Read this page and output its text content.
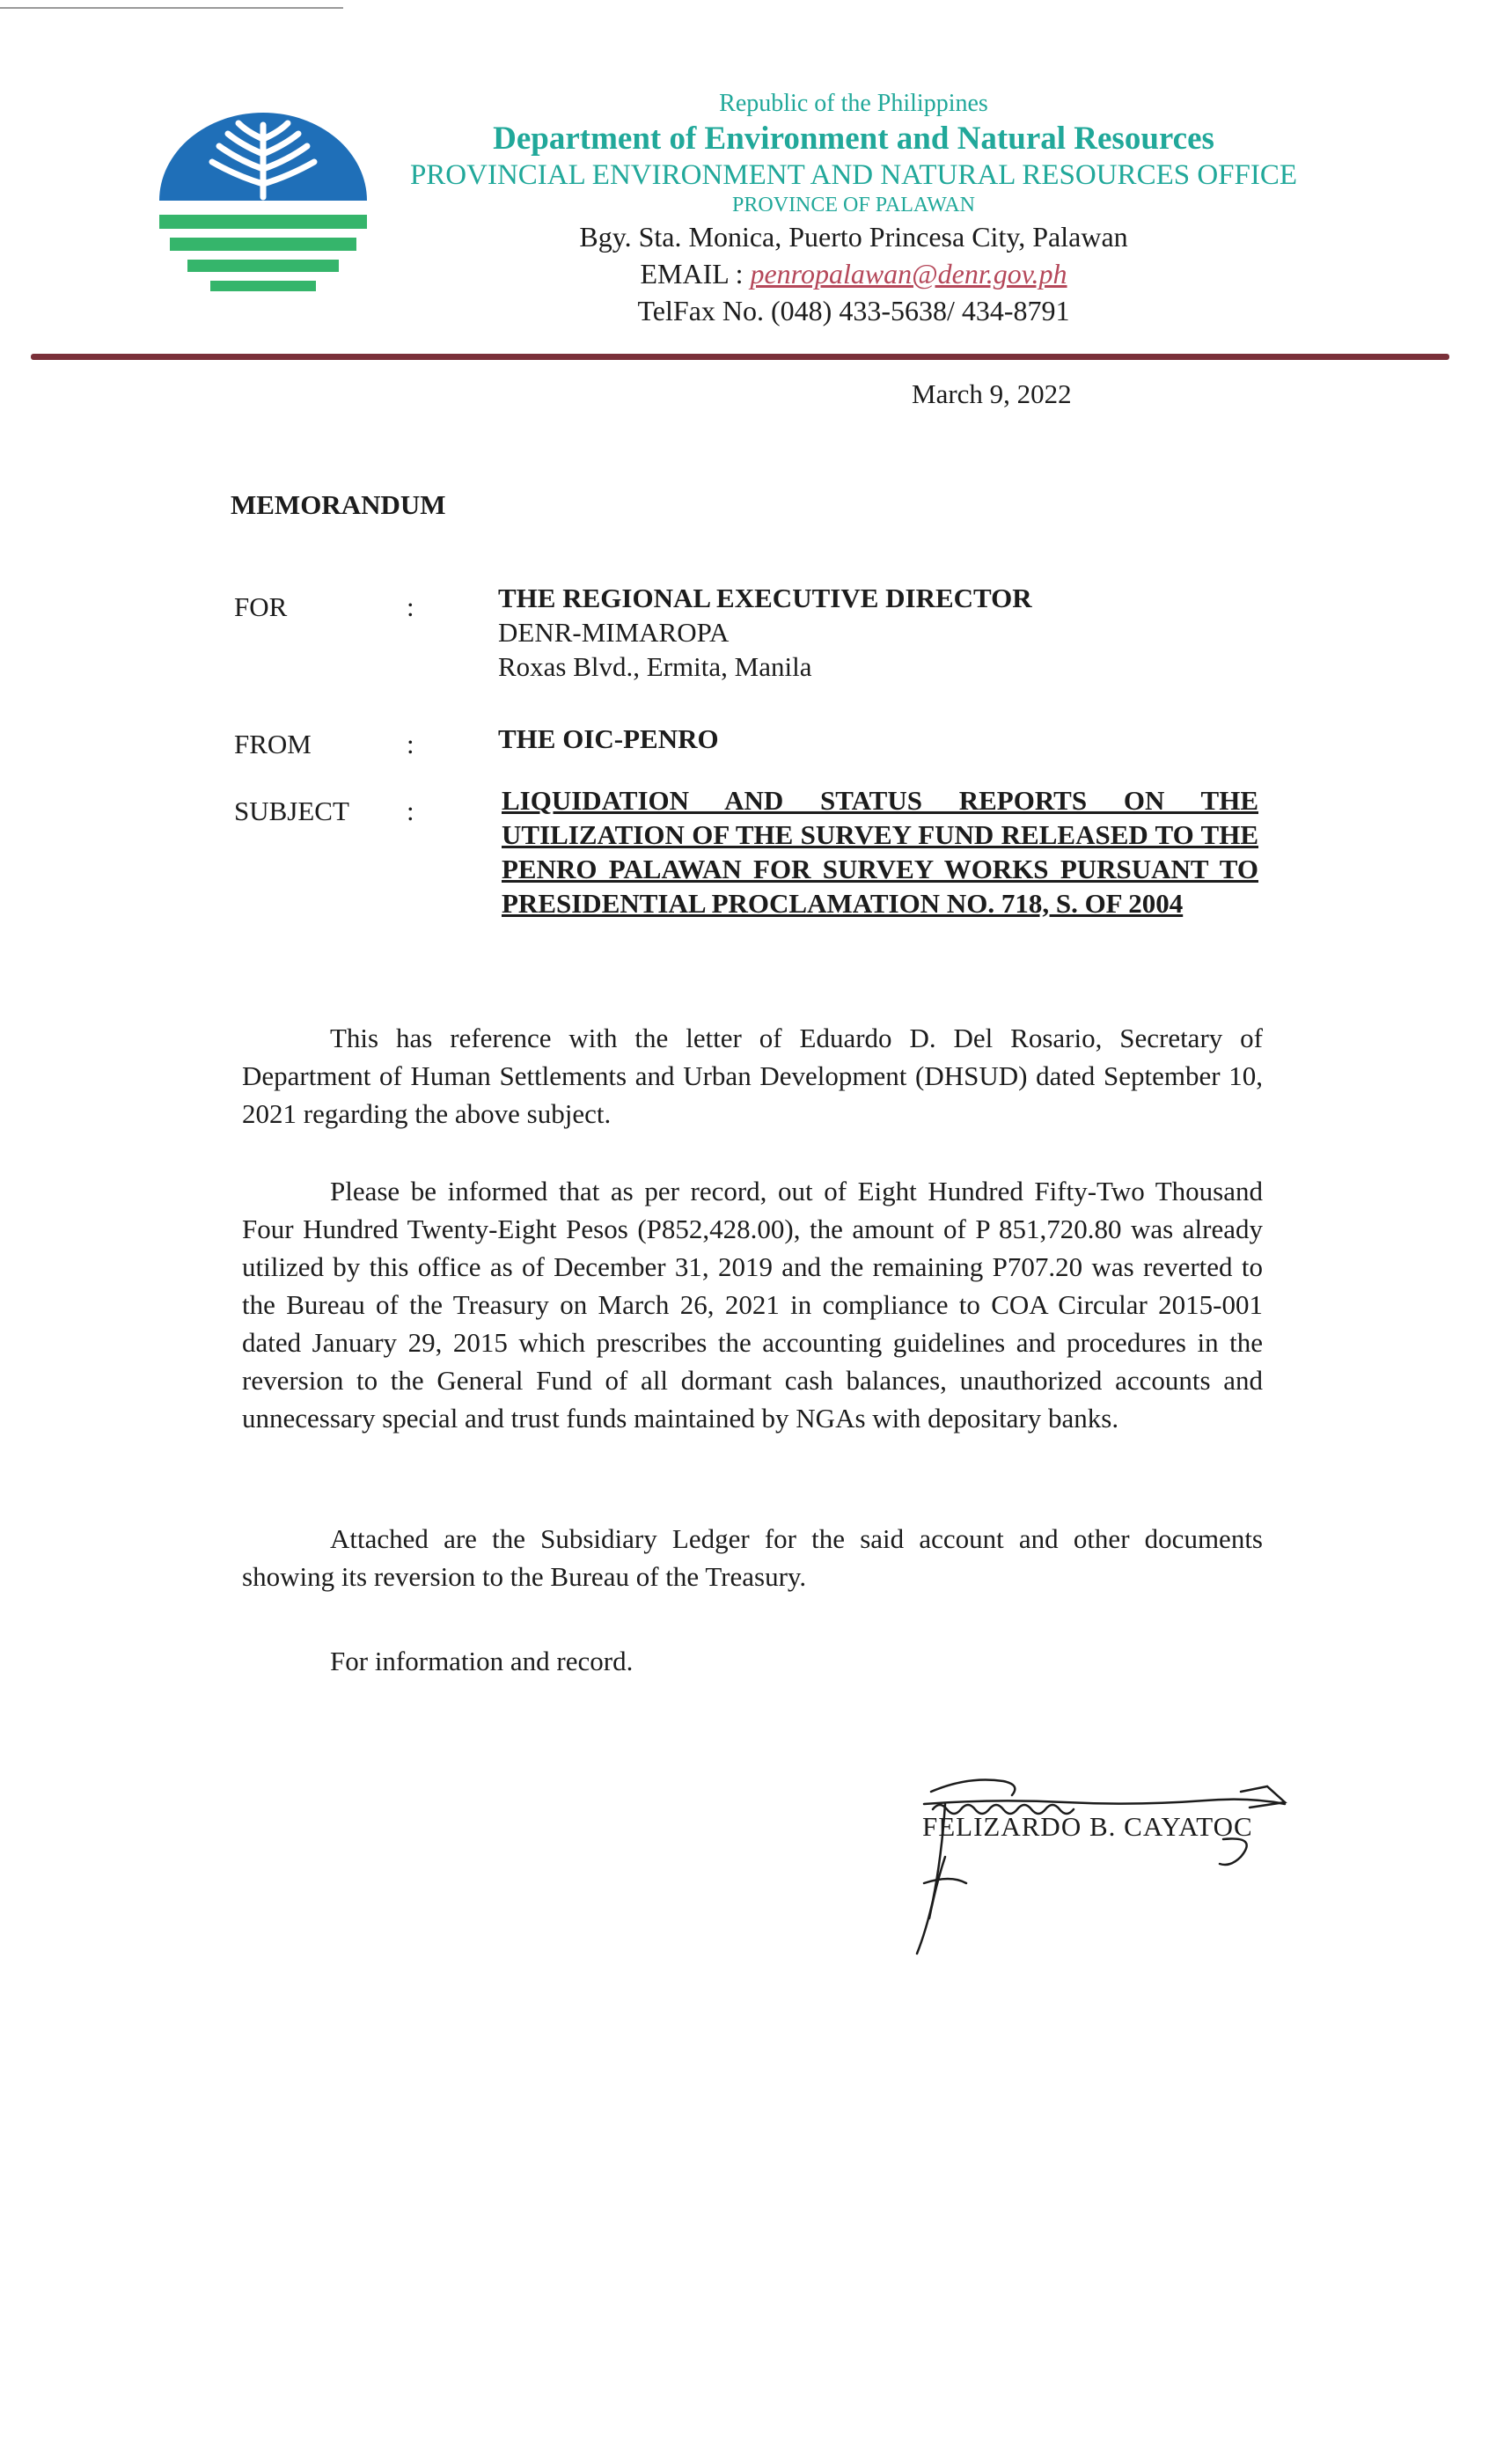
Republic of the Philippines
Department of Environment and Natural Resources
PROVINCIAL ENVIRONMENT AND NATURAL RESOURCES OFFICE
PROVINCE OF PALAWAN
Bgy. Sta. Monica, Puerto Princesa City, Palawan
EMAIL : penropalawan@denr.gov.ph
TelFax No. (048) 433-5638/ 434-8791
March 9, 2022
MEMORANDUM
FOR	:	THE REGIONAL EXECUTIVE DIRECTOR
DENR-MIMAROPA
Roxas Blvd., Ermita, Manila
FROM	:	THE OIC-PENRO
SUBJECT :	LIQUIDATION AND STATUS REPORTS ON THE UTILIZATION OF THE SURVEY FUND RELEASED TO THE PENRO PALAWAN FOR SURVEY WORKS PURSUANT TO PRESIDENTIAL PROCLAMATION NO. 718, S. OF 2004
This has reference with the letter of Eduardo D. Del Rosario, Secretary of Department of Human Settlements and Urban Development (DHSUD) dated September 10, 2021 regarding the above subject.
Please be informed that as per record, out of Eight Hundred Fifty-Two Thousand Four Hundred Twenty-Eight Pesos (P852,428.00), the amount of P 851,720.80 was already utilized by this office as of December 31, 2019 and the remaining P707.20 was reverted to the Bureau of the Treasury on March 26, 2021 in compliance to COA Circular 2015-001 dated January 29, 2015 which prescribes the accounting guidelines and procedures in the reversion to the General Fund of all dormant cash balances, unauthorized accounts and unnecessary special and trust funds maintained by NGAs with depositary banks.
Attached are the Subsidiary Ledger for the said account and other documents showing its reversion to the Bureau of the Treasury.
For information and record.
FELIZARDO B. CAYATOC
